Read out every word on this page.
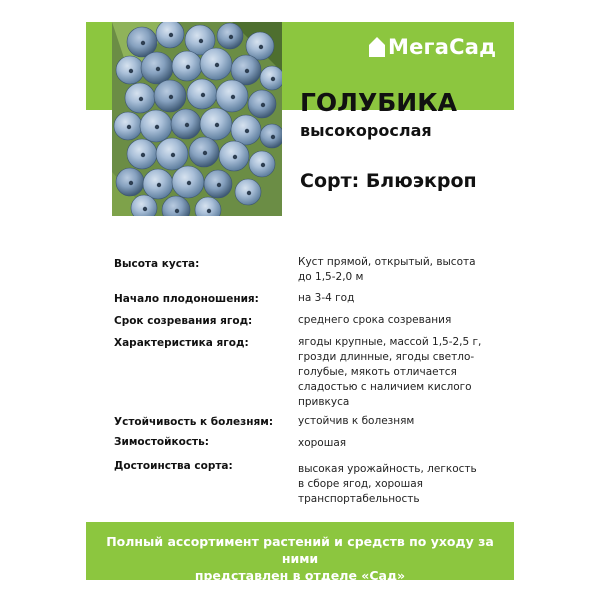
МегаСад
ГОЛУБИКА
высокорослая
Сорт: Блюэкроп
Высота куста:	Куст прямой, открытый, высота до 1,5-2,0 м
Начало плодоношения:	на 3-4 год
Срок созревания ягод:	среднего срока созревания
Характеристика ягод:	ягоды крупные, массой 1,5-2,5 г, грозди длинные, ягоды светло-голубые, мякоть отличается сладостью с наличием кислого привкуса
Устойчивость к болезням: устойчив к болезням
Зимостойкость:	хорошая
Достоинства сорта:	высокая урожайность, легкость в сборе ягод, хорошая транспортабельность
Полный ассортимент растений и средств по уходу за ними
представлен в отделе «Сад»
